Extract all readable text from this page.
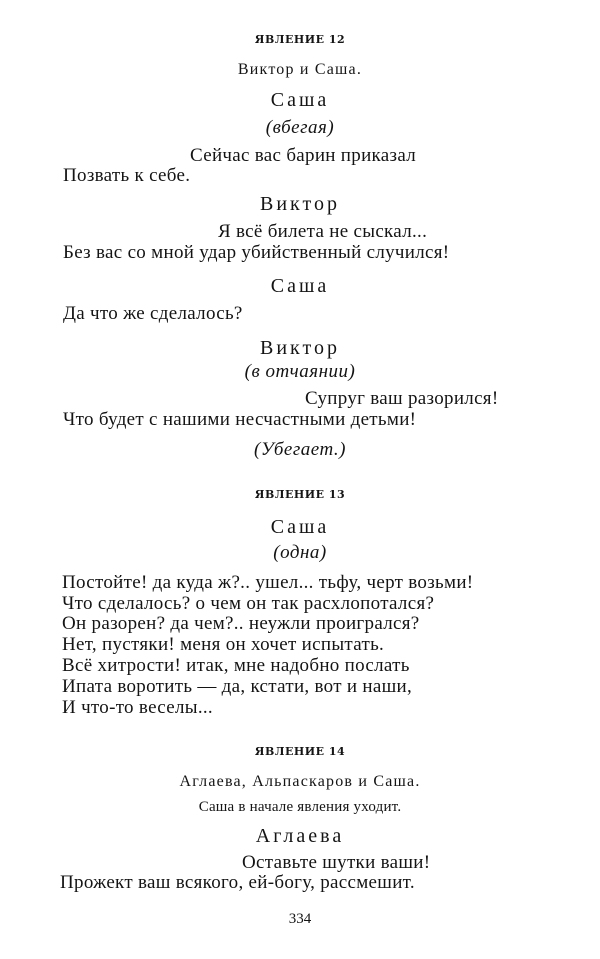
ЯВЛЕНИЕ 12
Виктор и Саша.
Саша
(вбегая)
Сейчас вас барин приказал
Позвать к себе.
Виктор
Я всё билета не сыскал...
Без вас со мной удар убийственный случился!
Саша
Да что же сделалось?
Виктор
(в отчаянии)
Супруг ваш разорился!
Что будет с нашими несчастными детьми!
(Убегает.)
ЯВЛЕНИЕ 13
Саша
(одна)
Постойте! да куда ж?.. ушел... тьфу, черт возьми!
Что сделалось? о чем он так расхлопотался?
Он разорен? да чем?.. неужли проигрался?
Нет, пустяки! меня он хочет испытать.
Всё хитрости! итак, мне надобно послать
Ипата воротить — да, кстати, вот и наши,
И что-то веселы...
ЯВЛЕНИЕ 14
Аглаева, Альпаскаров и Саша.
Саша в начале явления уходит.
Аглаева
Оставьте шутки ваши!
Прожект ваш всякого, ей-богу, рассмешит.
334
